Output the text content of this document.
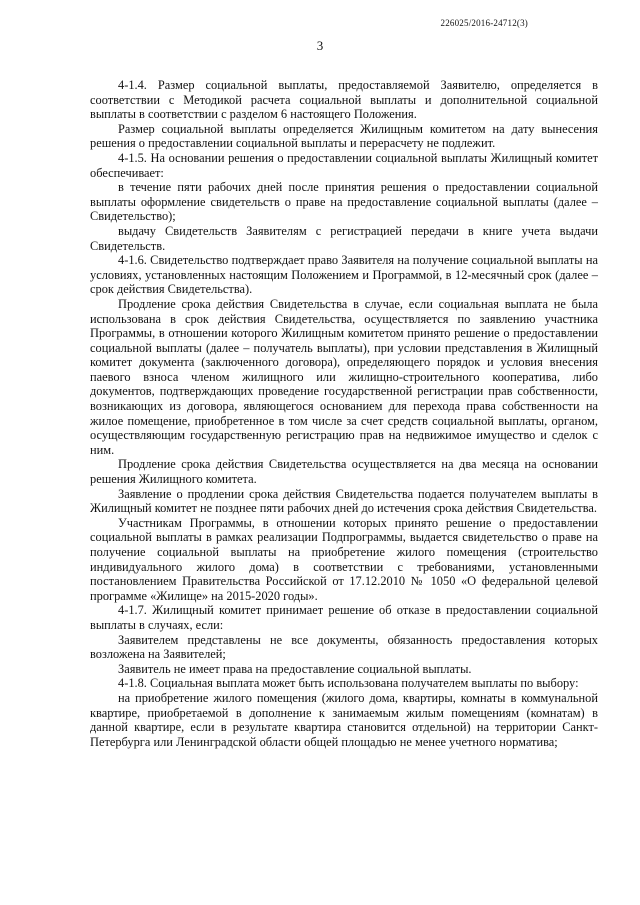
226025/2016-24712(3)
3

4-1.4. Размер социальной выплаты, предоставляемой Заявителю, определяется в соответствии с Методикой расчета социальной выплаты и дополнительной социальной выплаты в соответствии с разделом 6 настоящего Положения.

Размер социальной выплаты определяется Жилищным комитетом на дату вынесения решения о предоставлении социальной выплаты и перерасчету не подлежит.

4-1.5. На основании решения о предоставлении социальной выплаты Жилищный комитет обеспечивает:

в течение пяти рабочих дней после принятия решения о предоставлении социальной выплаты оформление свидетельств о праве на предоставление социальной выплаты (далее – Свидетельство);

выдачу Свидетельств Заявителям с регистрацией передачи в книге учета выдачи Свидетельств.

4-1.6. Свидетельство подтверждает право Заявителя на получение социальной выплаты на условиях, установленных настоящим Положением и Программой, в 12-месячный срок (далее – срок действия Свидетельства).

Продление срока действия Свидетельства в случае, если социальная выплата не была использована в срок действия Свидетельства, осуществляется по заявлению участника Программы, в отношении которого Жилищным комитетом принято решение о предоставлении социальной выплаты (далее – получатель выплаты), при условии представления в Жилищный комитет документа (заключенного договора), определяющего порядок и условия внесения паевого взноса членом жилищного или жилищно-строительного кооператива, либо документов, подтверждающих проведение государственной регистрации прав собственности, возникающих из договора, являющегося основанием для перехода права собственности на жилое помещение, приобретенное в том числе за счет средств социальной выплаты, органом, осуществляющим государственную регистрацию прав на недвижимое имущество и сделок с ним.

Продление срока действия Свидетельства осуществляется на два месяца на основании решения Жилищного комитета.

Заявление о продлении срока действия Свидетельства подается получателем выплаты в Жилищный комитет не позднее пяти рабочих дней до истечения срока действия Свидетельства.

Участникам Программы, в отношении которых принято решение о предоставлении социальной выплаты в рамках реализации Подпрограммы, выдается свидетельство о праве на получение социальной выплаты на приобретение жилого помещения (строительство индивидуального жилого дома) в соответствии с требованиями, установленными постановлением Правительства Российской от 17.12.2010 № 1050 «О федеральной целевой программе «Жилище» на 2015-2020 годы».

4-1.7. Жилищный комитет принимает решение об отказе в предоставлении социальной выплаты в случаях, если:

Заявителем представлены не все документы, обязанность предоставления которых возложена на Заявителей;

Заявитель не имеет права на предоставление социальной выплаты.

4-1.8. Социальная выплата может быть использована получателем выплаты по выбору:

на приобретение жилого помещения (жилого дома, квартиры, комнаты в коммунальной квартире, приобретаемой в дополнение к занимаемым жилым помещениям (комнатам) в данной квартире, если в результате квартира становится отдельной) на территории Санкт-Петербурга или Ленинградской области общей площадью не менее учетного норматива;
